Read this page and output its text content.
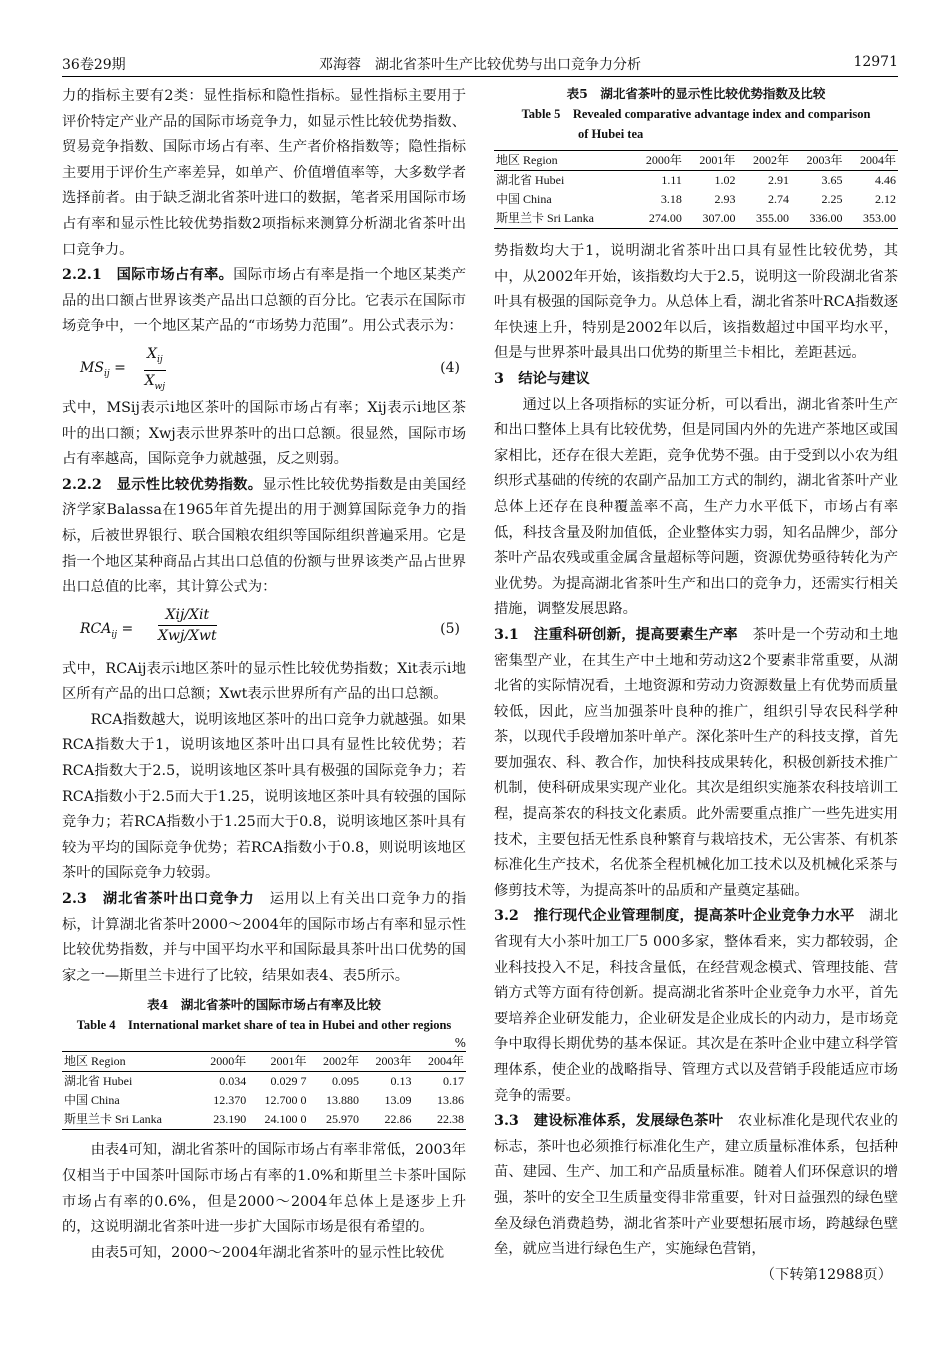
36卷29期	邓海蓉　湖北省茶叶生产比较优势与出口竞争力分析	12971

力的指标主要有2类：显性指标和隐性指标。显性指标主要用于评价特定产业产品的国际市场竞争力，如显示性比较优势指数、贸易竞争指数、国际市场占有率、生产者价格指数等；隐性指标主要用于评价生产率差异，如单产、价值增值率等，大多数学者选择前者。由于缺乏湖北省茶叶进口的数据，笔者采用国际市场占有率和显示性比较优势指数2项指标来测算分析湖北省茶叶出口竞争力。

2.2.1　国际市场占有率。国际市场占有率是指一个地区某类产品的出口额占世界该类产品出口总额的百分比。它表示在国际市场竞争中，一个地区某产品的“市场势力范围”。用公式表示为：

$MS_{ij}$ =
$X_{ij}$
$X_{wj}$
(4)

式中，MSij表示i地区茶叶的国际市场占有率；Xij表示i地区茶叶的出口额；Xwj表示世界茶叶的出口总额。很显然，国际市场占有率越高，国际竞争力就越强，反之则弱。

2.2.2　显示性比较优势指数。显示性比较优势指数是由美国经济学家Balassa在1965年首先提出的用于测算国际竞争力的指标，后被世界银行、联合国粮农组织等国际组织普遍采用。它是指一个地区某种商品占其出口总值的份额与世界该类产品占世界出口总值的比率，其计算公式为：

$RCA_{ij}$ =
Xij/Xit
Xwj/Xwt	(5)

式中，RCAij表示i地区茶叶的显示性比较优势指数；Xit表示i地区所有产品的出口总额；Xwt表示世界所有产品的出口总额。

RCA指数越大，说明该地区茶叶的出口竞争力就越强。如果RCA指数大于1，说明该地区茶叶出口具有显性比较优势；若RCA指数大于2.5，说明该地区茶叶具有极强的国际竞争力；若RCA指数小于2.5而大于1.25，说明该地区茶叶具有较强的国际竞争力；若RCA指数小于1.25而大于0.8，说明该地区茶叶具有较为平均的国际竞争优势；若RCA指数小于0.8，则说明该地区茶叶的国际竞争力较弱。

2.3　湖北省茶叶出口竞争力　 运用以上有关出口竞争力的指标，计算湖北省茶叶2000～2004年的国际市场占有率和显示性比较优势指数，并与中国平均水平和国际最具茶叶出口优势的国家之一—斯里兰卡进行了比较，结果如表4、表5所示。

表4　湖北省茶叶的国际市场占有率及比较
Table 4　International market share of tea in Hubei and other regions
%
地区 Region	2000年	2001年	2002年	2003年	2004年
湖北省 Hubei	0.034	0.029 7	0.095	0.13	0.17
中国 China	12.370	12.700 0	13.880	13.09	13.86
斯里兰卡 Sri Lanka	23.190	24.100 0	25.970	22.86	22.38

由表4可知，湖北省茶叶的国际市场占有率非常低，2003年仅相当于中国茶叶国际市场占有率的1.0%和斯里兰卡茶叶国际市场占有率的0.6%，但是2000～2004年总体上是逐步上升的，这说明湖北省茶叶进一步扩大国际市场是很有希望的。

由表5可知，2000～2004年湖北省茶叶的显示性比较优

表5　湖北省茶叶的显示性比较优势指数及比较
Table 5　Revealed comparative advantage index and comparison
of Hubei tea
地区 Region	2000年	2001年	2002年	2003年	2004年
湖北省 Hubei	1.11	1.02	2.91	3.65	4.46
中国 China	3.18	2.93	2.74	2.25	2.12
斯里兰卡 Sri Lanka	274.00	307.00	355.00	336.00	353.00

势指数均大于1，说明湖北省茶叶出口具有显性比较优势，其中，从2002年开始，该指数均大于2.5，说明这一阶段湖北省茶叶具有极强的国际竞争力。从总体上看，湖北省茶叶RCA指数逐年快速上升，特别是2002年以后，该指数超过中国平均水平，但是与世界茶叶最具出口优势的斯里兰卡相比，差距甚远。

3　结论与建议

通过以上各项指标的实证分析，可以看出，湖北省茶叶生产和出口整体上具有比较优势，但是同国内外的先进产茶地区或国家相比，还存在很大差距，竞争优势不强。由于受到以小农为组织形式基础的传统的农副产品加工方式的制约，湖北省茶叶产业总体上还存在良种覆盖率不高，生产力水平低下，市场占有率低，科技含量及附加值低，企业整体实力弱，知名品牌少，部分茶叶产品农残或重金属含量超标等问题，资源优势亟待转化为产业优势。为提高湖北省茶叶生产和出口的竞争力，还需实行相关措施，调整发展思路。

3.1　注重科研创新，提高要素生产率　 茶叶是一个劳动和土地密集型产业，在其生产中土地和劳动这2个要素非常重要，从湖北省的实际情况看，土地资源和劳动力资源数量上有优势而质量较低，因此，应当加强茶叶良种的推广，组织引导农民科学种茶，以现代手段增加茶叶单产。深化茶叶生产的科技支撑，首先要加强农、科、教合作，加快科技成果转化，积极创新技术推广机制，使科研成果实现产业化。其次是组织实施茶农科技培训工程，提高茶农的科技文化素质。此外需要重点推广一些先进实用技术，主要包括无性系良种繁育与栽培技术，无公害茶、有机茶标准化生产技术，名优茶全程机械化加工技术以及机械化采茶与修剪技术等，为提高茶叶的品质和产量奠定基础。

3.2　推行现代企业管理制度，提高茶叶企业竞争力水平　 湖北省现有大小茶叶加工厂5 000多家，整体看来，实力都较弱，企业科技投入不足，科技含量低，在经营观念模式、管理技能、营销方式等方面有待创新。提高湖北省茶叶企业竞争力水平，首先要培养企业研发能力，企业研发是企业成长的内动力，是市场竞争中取得长期优势的基本保证。其次是在茶叶企业中建立科学管理体系，使企业的战略指导、管理方式以及营销手段能适应市场竞争的需要。

3.3　建设标准体系，发展绿色茶叶　 农业标准化是现代农业的标志，茶叶也必须推行标准化生产，建立质量标准体系，包括种苗、建园、生产、加工和产品质量标准。随着人们环保意识的增强，茶叶的安全卫生质量变得非常重要，针对日益强烈的绿色壁垒及绿色消费趋势，湖北省茶叶产业要想拓展市场，跨越绿色壁垒，就应当进行绿色生产，实施绿色营销，

（下转第12988页）
